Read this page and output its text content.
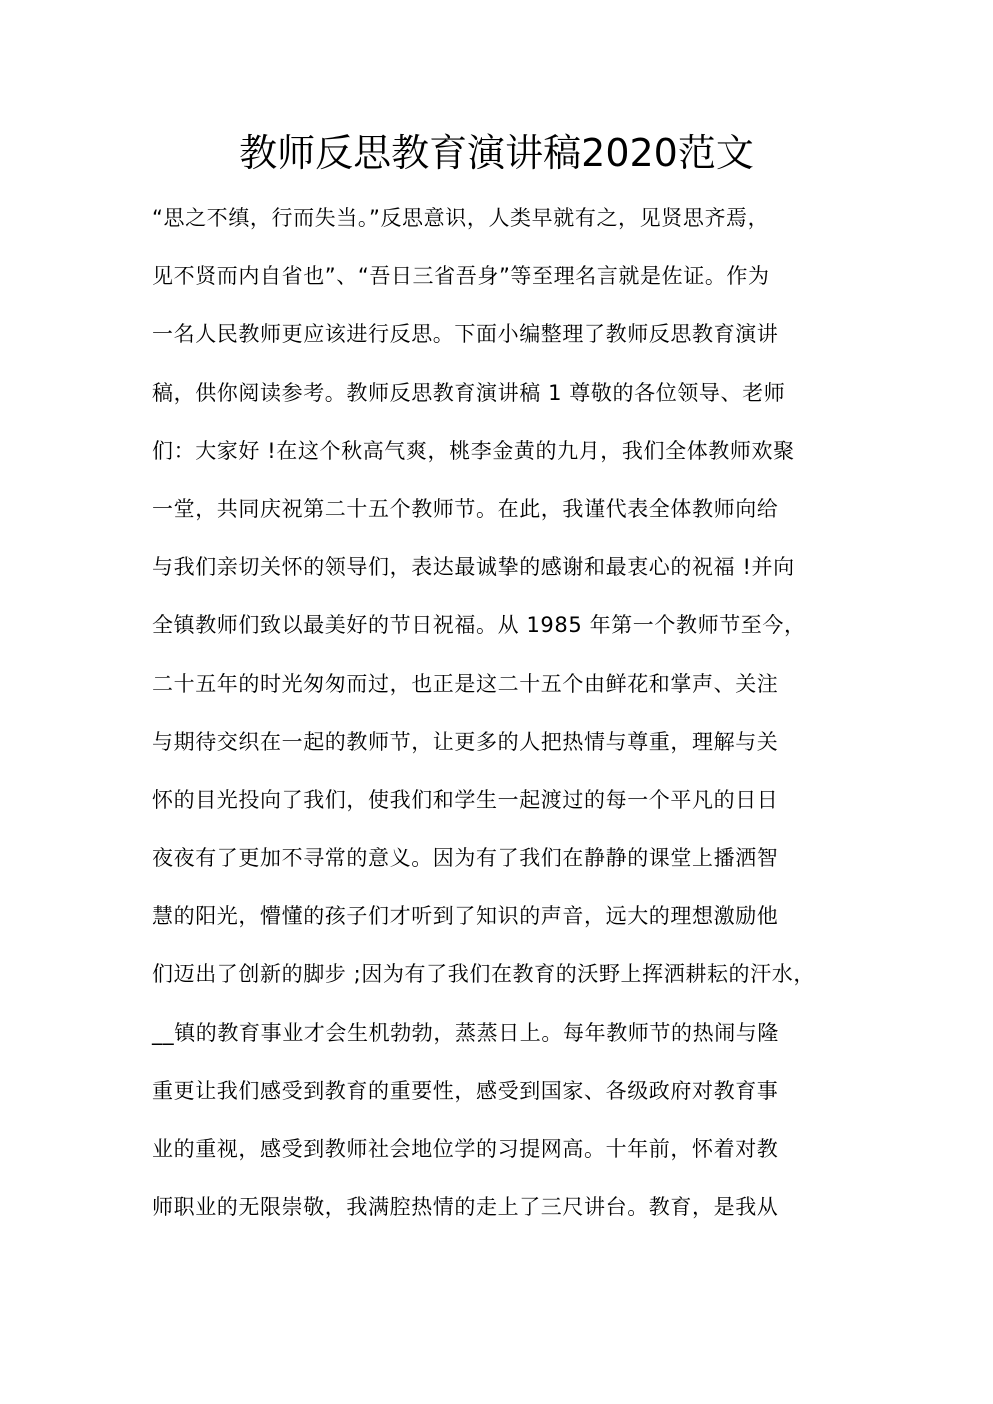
教师反思教育演讲稿2020范文
“思之不缜，行而失当。”反思意识，人类早就有之，见贤思齐焉，
见不贤而内自省也”、“吾日三省吾身”等至理名言就是佐证。作为
一名人民教师更应该进行反思。下面小编整理了教师反思教育演讲
稿，供你阅读参考。教师反思教育演讲稿 1 尊敬的各位领导、老师
们：大家好 !在这个秋高气爽，桃李金黄的九月，我们全体教师欢聚
一堂，共同庆祝第二十五个教师节。在此，我谨代表全体教师向给
与我们亲切关怀的领导们，表达最诚挚的感谢和最衷心的祝福 !并向
全镇教师们致以最美好的节日祝福。从 1985 年第一个教师节至今，
二十五年的时光匆匆而过，也正是这二十五个由鲜花和掌声、关注
与期待交织在一起的教师节，让更多的人把热情与尊重，理解与关
怀的目光投向了我们，使我们和学生一起渡过的每一个平凡的日日
夜夜有了更加不寻常的意义。因为有了我们在静静的课堂上播洒智
慧的阳光，懵懂的孩子们才听到了知识的声音，远大的理想激励他
们迈出了创新的脚步 ;因为有了我们在教育的沃野上挥洒耕耘的汗水，
__镇的教育事业才会生机勃勃，蒸蒸日上。每年教师节的热闹与隆
重更让我们感受到教育的重要性，感受到国家、各级政府对教育事
业的重视，感受到教师社会地位学的习提网高。十年前，怀着对教
师职业的无限崇敬，我满腔热情的走上了三尺讲台。教育，是我从
